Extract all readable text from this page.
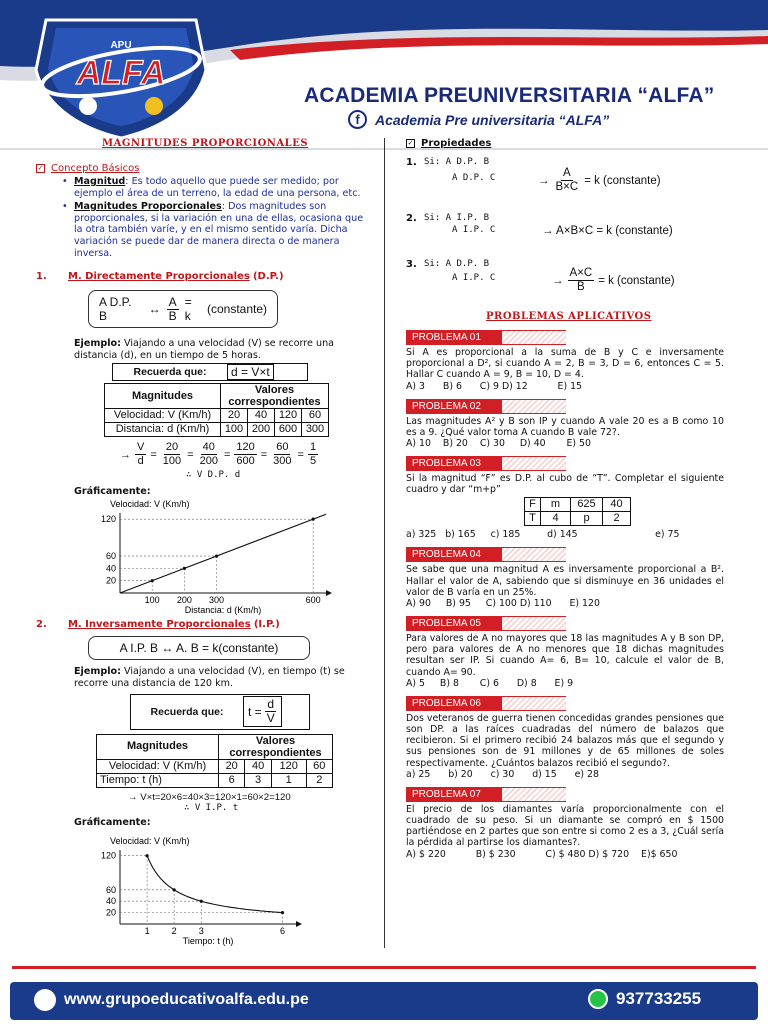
APU
ALFA
ACADEMIA PREUNIVERSITARIA “ALFA”
f	Academia Pre universitaria “ALFA”
MAGNITUDES PROPORCIONALES
✓ Concepto Básicos
• Magnitud: Es todo aquello que puede ser medido; por ejemplo el área de un terreno, la edad de una persona, etc.
• Magnitudes Proporcionales: Dos magnitudes son proporcionales, si la variación en una de ellas, ocasiona que la otra también varíe, y en el mismo sentido varía. Dicha variación se puede dar de manera directa o de manera inversa.
1. M. Directamente Proporcionales (D.P.)
A D.P. B	↔ $\frac{A}{B} = k$	(constante)
Ejemplo: Viajando a una velocidad (V) se recorre una distancia (d), en un tiempo de 5 horas.
Recuerda que:	d = V×t
Magnitudes	Valores correspondientes			
Velocidad: V (Km/h)	20	40	120	60
Distancia: d (Km/h)	100	200	600	300
→ $\frac{V}{d} = \frac{20}{100} = \frac{40}{200} = \frac{120}{600} = \frac{60}{300} = \frac{1}{5}$
∴ V D.P. d
Gráficamente:
Velocidad: V (Km/h)
20
40
60
120
100 200 300	600
Distancia: d (Km/h)
2. M. Inversamente Proporcionales (I.P.)
A I.P. B ↔ A. B = k(constante)
Ejemplo: Viajando a una velocidad (V), en tiempo (t) se recorre una distancia de 120 km.
Recuerda que:	$t = \frac{d}{V}$
Magnitudes	Valores correspondientes			
Velocidad: V (Km/h)	20	40	120	60
Tiempo: t (h)	6	3	1	2
→ V×t=20×6=40×3=120×1=60×2=120
∴ V I.P. t
Gráficamente:
Velocidad: V (Km/h)
20
40
60
120
1 2 3	6
Tiempo: t (h)
✓ Propiedades
1. Si: A D.P. B
A D.P. C	→ $\frac{A}{B\times C} = k$ (constante)
2. Si: A I.P. B
A I.P. C	→ A×B×C = k (constante)
3. Si: A D.P. B
A I.P. C	→ $\frac{A\times C}{B} = k$ (constante)
PROBLEMAS APLICATIVOS
PROBLEMA 01
Si A es proporcional a la suma de B y C e inversamente proporcional a D², si cuando A = 2, B = 3, D = 6, entonces C = 5. Hallar C cuando A = 9, B = 10, D = 4.
A) 3      B) 6      C) 9 D) 12          E) 15
PROBLEMA 02
Las magnitudes A² y B son IP y cuando A vale 20 es a B como 10 es a 9. ¿Qué valor toma A cuando B vale 72?.
A) 10    B) 20    C) 30     D) 40       E) 50
PROBLEMA 03
Si la magnitud “F” es D.P. al cubo de “T”. Completar el siguiente cuadro y dar “m+p”
F	m	625	40
T	4	p	2
a) 325   b) 165     c) 185         d) 145                          e) 75
PROBLEMA 04
Se sabe que una magnitud A es inversamente proporcional a B². Hallar el valor de A, sabiendo que si disminuye en 36 unidades el valor de B varía en un 25%.
A) 90     B) 95     C) 100 D) 110      E) 120
PROBLEMA 05
Para valores de A no mayores que 18 las magnitudes A y B son DP, pero para valores de A no menores que 18 dichas magnitudes resultan ser IP. Si cuando A= 6, B= 10, calcule el valor de B, cuando A= 90.
A) 5     B) 8       C) 6      D) 8      E) 9
PROBLEMA 06
Dos veteranos de guerra tienen concedidas grandes pensiones que son DP. a las raíces cuadradas del número de balazos que recibieron. Si el primero recibió 24 balazos más que el segundo y sus pensiones son de 91 millones y de 65 millones de soles respectivamente. ¿Cuántos balazos recibió el segundo?.
a) 25      b) 20      c) 30      d) 15      e) 28
PROBLEMA 07
El precio de los diamantes varía proporcionalmente con el cuadrado de su peso. Si un diamante se compró en $ 1500 partiéndose en 2 partes que son entre si como 2 es a 3, ¿Cuál sería la pérdida al partirse los diamantes?.
A) $ 220          B) $ 230          C) $ 480 D) $ 720    E)$ 650
www.grupoeducativoalfa.edu.pe	937733255
